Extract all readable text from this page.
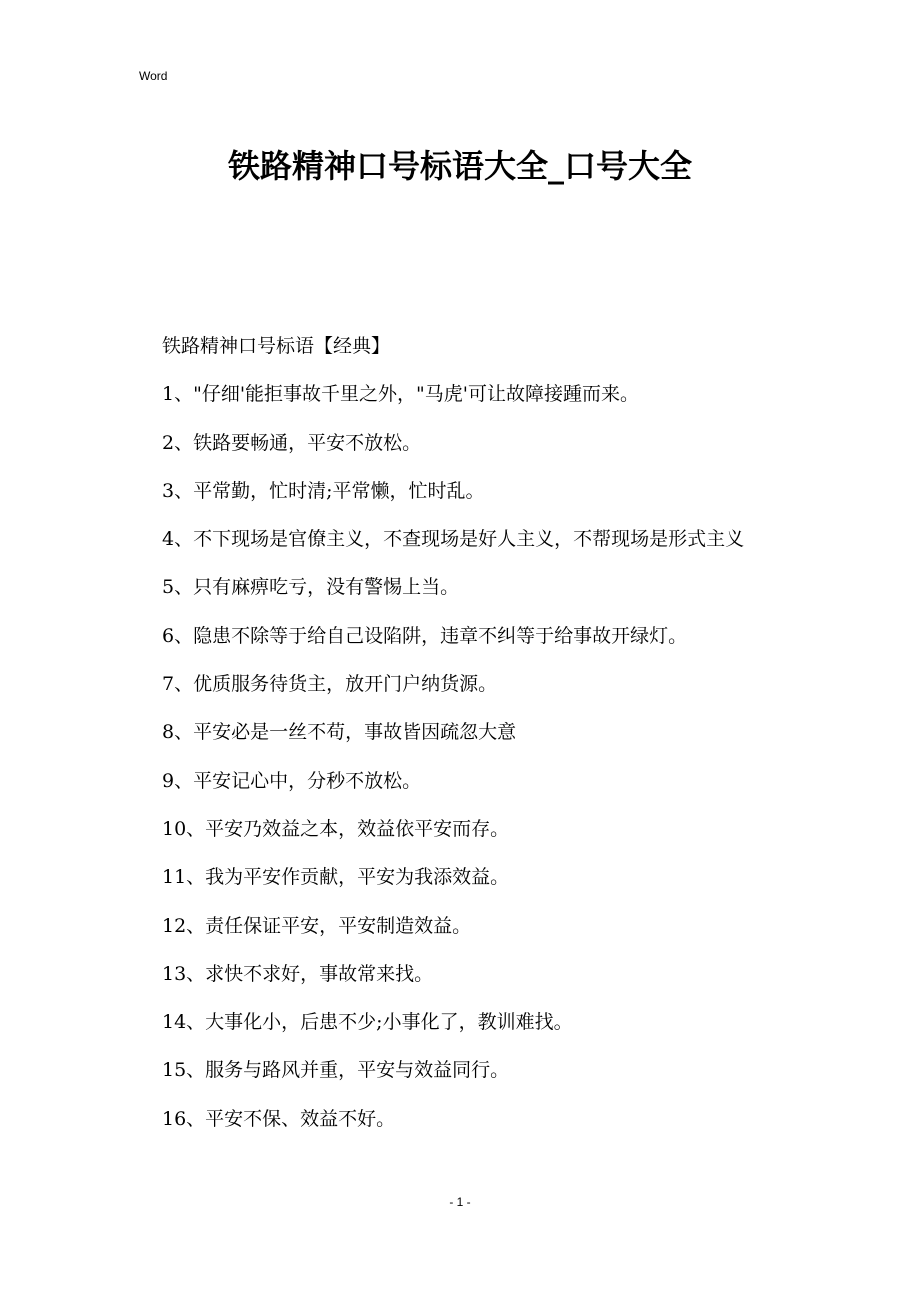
Word
铁路精神口号标语大全_口号大全

铁路精神口号标语【经典】

1、"仔细'能拒事故千里之外，"马虎'可让故障接踵而来。

2、铁路要畅通，平安不放松。

3、平常勤，忙时清;平常懒，忙时乱。

4、不下现场是官僚主义，不查现场是好人主义，不帮现场是形式主义

5、只有麻痹吃亏，没有警惕上当。

6、隐患不除等于给自己设陷阱，违章不纠等于给事故开绿灯。

7、优质服务待货主，放开门户纳货源。

8、平安必是一丝不苟，事故皆因疏忽大意

9、平安记心中，分秒不放松。

10、平安乃效益之本，效益依平安而存。

11、我为平安作贡献，平安为我添效益。

12、责任保证平安，平安制造效益。

13、求快不求好，事故常来找。

14、大事化小，后患不少;小事化了，教训难找。

15、服务与路风并重，平安与效益同行。

16、平安不保、效益不好。

- 1 -
